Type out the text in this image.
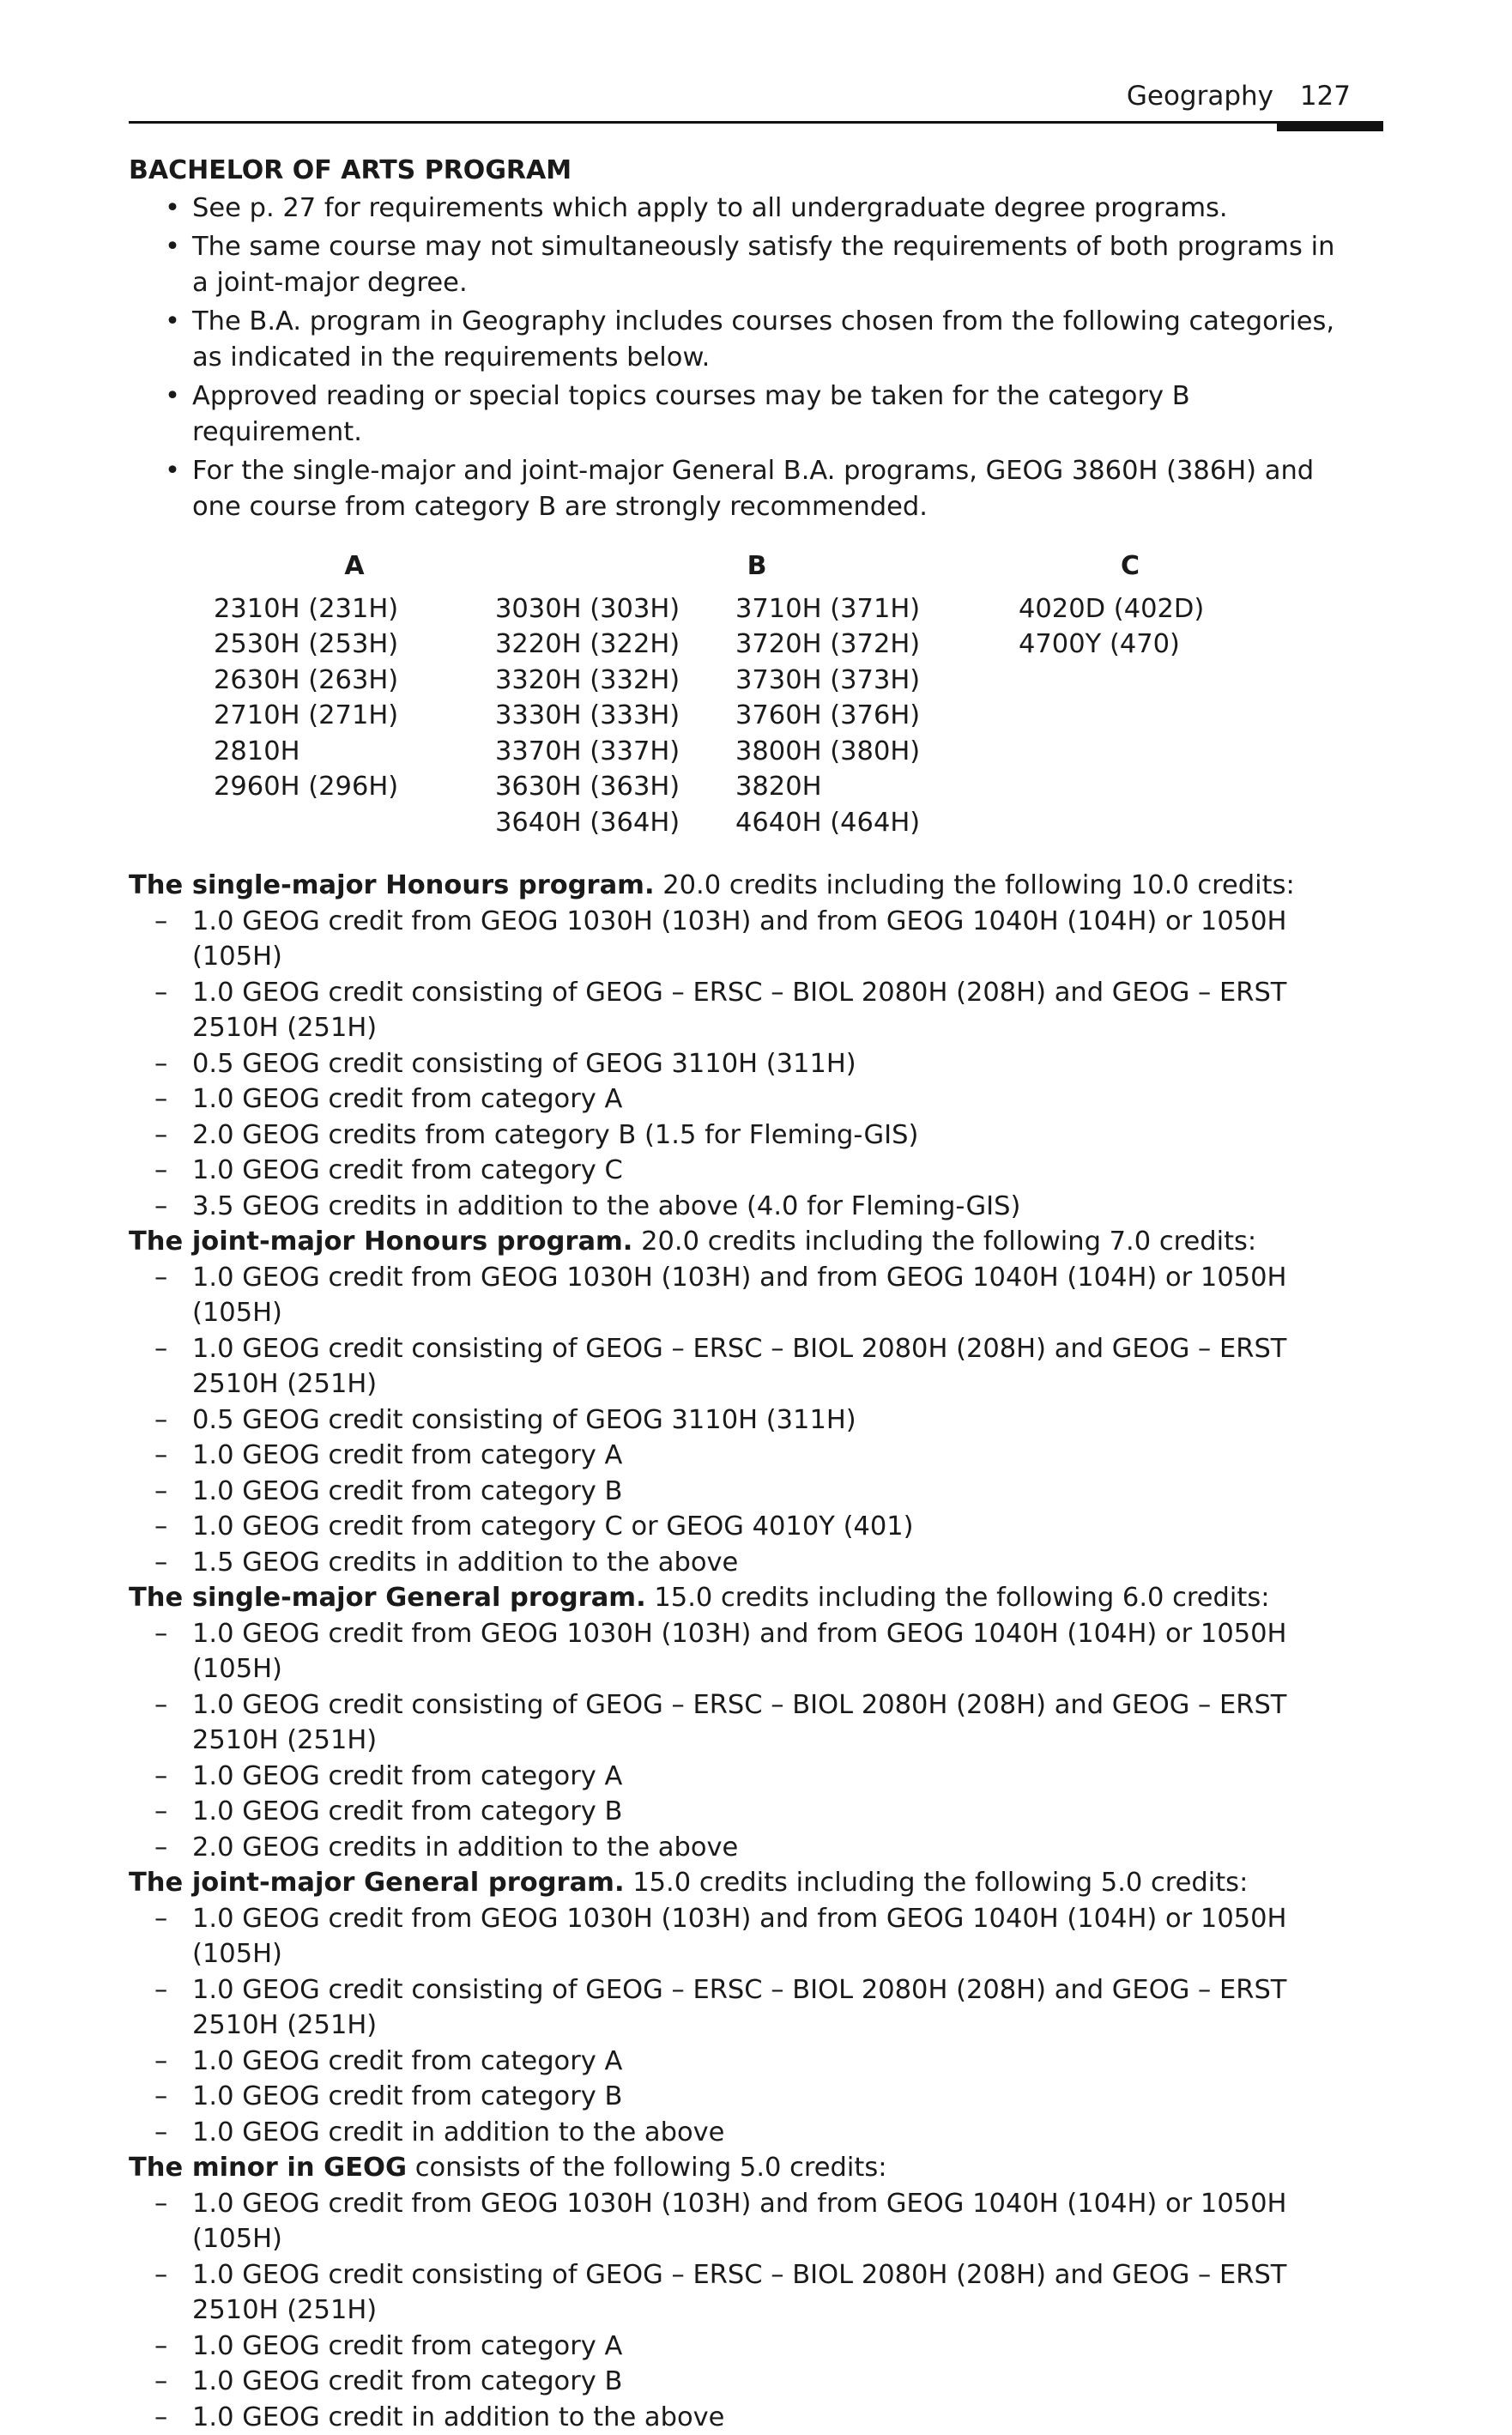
Geography 127
BACHELOR OF ARTS PROGRAM
• See p. 27 for requirements which apply to all undergraduate degree programs.
• The same course may not simultaneously satisfy the requirements of both programs in a joint-major degree.
• The B.A. program in Geography includes courses chosen from the following categories, as indicated in the requirements below.
• Approved reading or special topics courses may be taken for the category B requirement.
• For the single-major and joint-major General B.A. programs, GEOG 3860H (386H) and one course from category B are strongly recommended.
A	B		C
2310H (231H)	3030H (303H)	3710H (371H)	4020D (402D)
2530H (253H)	3220H (322H)	3720H (372H)	4700Y (470)
2630H (263H)	3320H (332H)	3730H (373H)	
2710H (271H)	3330H (333H)	3760H (376H)	
2810H	3370H (337H)	3800H (380H)	
2960H (296H)	3630H (363H)	3820H	
	3640H (364H)	4640H (464H)	
The single-major Honours program. 20.0 credits including the following 10.0 credits:
– 1.0 GEOG credit from GEOG 1030H (103H) and from GEOG 1040H (104H) or 1050H (105H)
– 1.0 GEOG credit consisting of GEOG – ERSC – BIOL 2080H (208H) and GEOG – ERST 2510H (251H)
– 0.5 GEOG credit consisting of GEOG 3110H (311H)
– 1.0 GEOG credit from category A
– 2.0 GEOG credits from category B (1.5 for Fleming-GIS)
– 1.0 GEOG credit from category C
– 3.5 GEOG credits in addition to the above (4.0 for Fleming-GIS)
The joint-major Honours program. 20.0 credits including the following 7.0 credits:
– 1.0 GEOG credit from GEOG 1030H (103H) and from GEOG 1040H (104H) or 1050H (105H)
– 1.0 GEOG credit consisting of GEOG – ERSC – BIOL 2080H (208H) and GEOG – ERST 2510H (251H)
– 0.5 GEOG credit consisting of GEOG 3110H (311H)
– 1.0 GEOG credit from category A
– 1.0 GEOG credit from category B
– 1.0 GEOG credit from category C or GEOG 4010Y (401)
– 1.5 GEOG credits in addition to the above
The single-major General program. 15.0 credits including the following 6.0 credits:
– 1.0 GEOG credit from GEOG 1030H (103H) and from GEOG 1040H (104H) or 1050H (105H)
– 1.0 GEOG credit consisting of GEOG – ERSC – BIOL 2080H (208H) and GEOG – ERST 2510H (251H)
– 1.0 GEOG credit from category A
– 1.0 GEOG credit from category B
– 2.0 GEOG credits in addition to the above
The joint-major General program. 15.0 credits including the following 5.0 credits:
– 1.0 GEOG credit from GEOG 1030H (103H) and from GEOG 1040H (104H) or 1050H (105H)
– 1.0 GEOG credit consisting of GEOG – ERSC – BIOL 2080H (208H) and GEOG – ERST 2510H (251H)
– 1.0 GEOG credit from category A
– 1.0 GEOG credit from category B
– 1.0 GEOG credit in addition to the above
The minor in GEOG consists of the following 5.0 credits:
– 1.0 GEOG credit from GEOG 1030H (103H) and from GEOG 1040H (104H) or 1050H (105H)
– 1.0 GEOG credit consisting of GEOG – ERSC – BIOL 2080H (208H) and GEOG – ERST 2510H (251H)
– 1.0 GEOG credit from category A
– 1.0 GEOG credit from category B
– 1.0 GEOG credit in addition to the above
